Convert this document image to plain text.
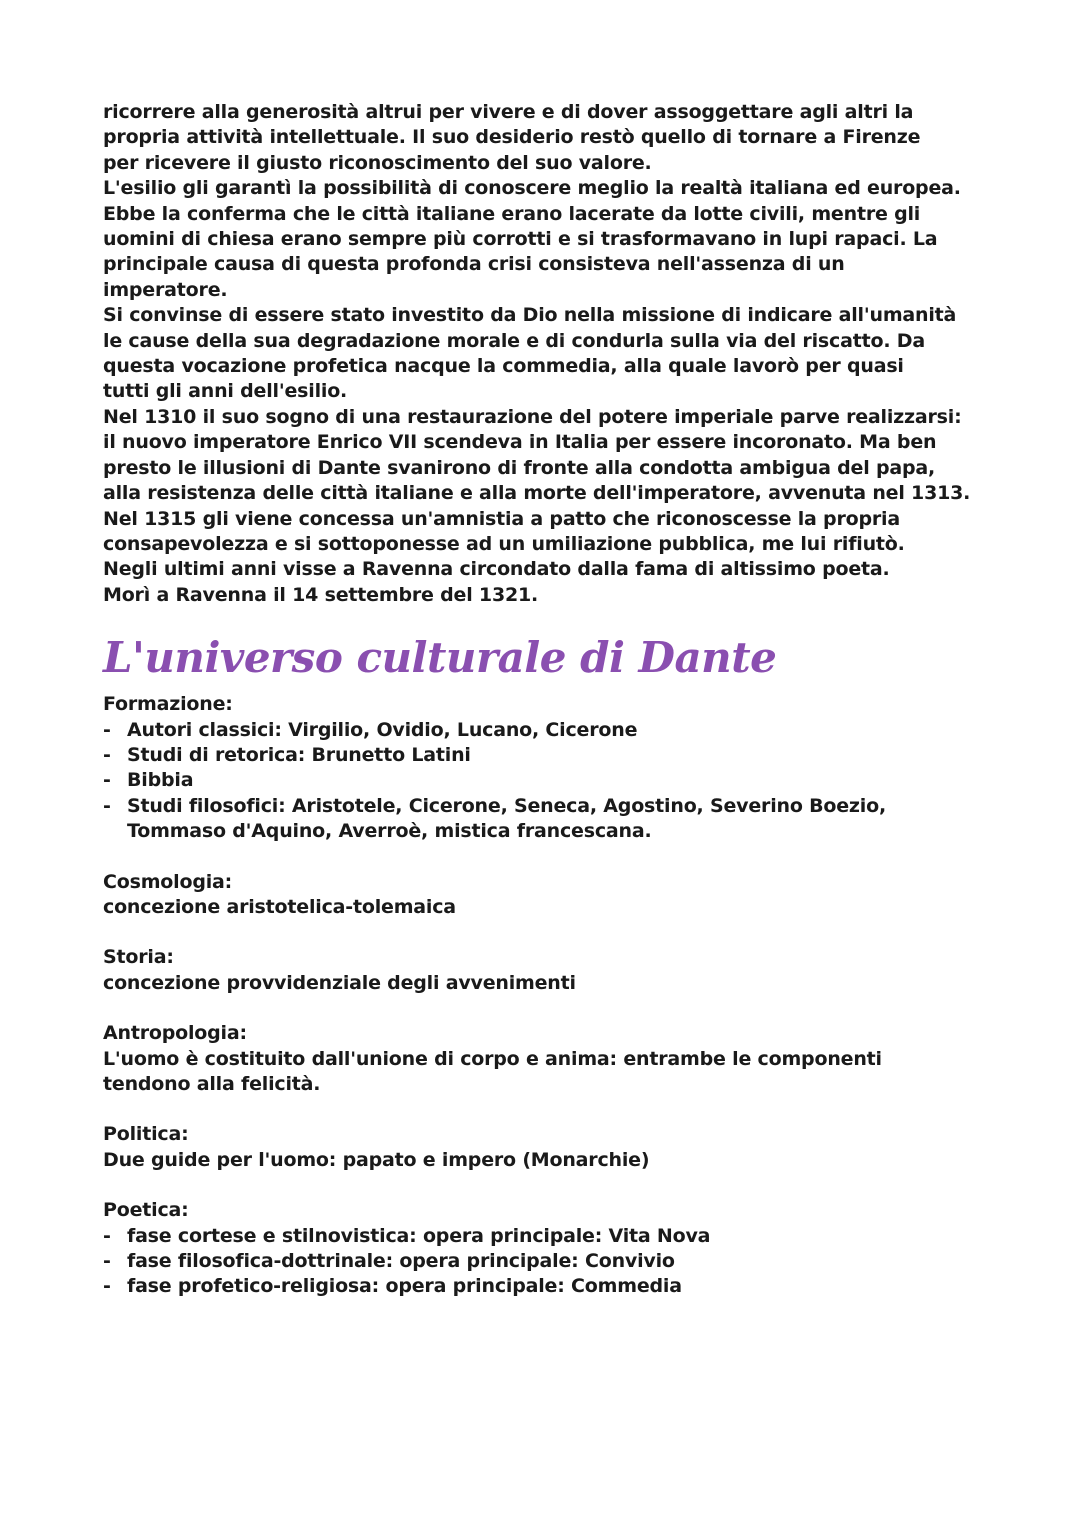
ricorrere alla generosità altrui per vivere e di dover assoggettare agli altri la
propria attività intellettuale. Il suo desiderio restò quello di tornare a Firenze
per ricevere il giusto riconoscimento del suo valore.
L'esilio gli garantì la possibilità di conoscere meglio la realtà italiana ed europea.
Ebbe la conferma che le città italiane erano lacerate da lotte civili, mentre gli
uomini di chiesa erano sempre più corrotti e si trasformavano in lupi rapaci. La
principale causa di questa profonda crisi consisteva nell'assenza di un
imperatore.
Si convinse di essere stato investito da Dio nella missione di indicare all'umanità
le cause della sua degradazione morale e di condurla sulla via del riscatto. Da
questa vocazione profetica nacque la commedia, alla quale lavorò per quasi
tutti gli anni dell'esilio.
Nel 1310 il suo sogno di una restaurazione del potere imperiale parve realizzarsi:
il nuovo imperatore Enrico VII scendeva in Italia per essere incoronato. Ma ben
presto le illusioni di Dante svanirono di fronte alla condotta ambigua del papa,
alla resistenza delle città italiane e alla morte dell'imperatore, avvenuta nel 1313.
Nel 1315 gli viene concessa un'amnistia a patto che riconoscesse la propria
consapevolezza e si sottoponesse ad un umiliazione pubblica, me lui rifiutò.
Negli ultimi anni visse a Ravenna circondato dalla fama di altissimo poeta.
Morì a Ravenna il 14 settembre del 1321.
L'universo culturale di Dante
Formazione:
- Autori classici: Virgilio, Ovidio, Lucano, Cicerone
- Studi di retorica: Brunetto Latini
- Bibbia
- Studi filosofici: Aristotele, Cicerone, Seneca, Agostino, Severino Boezio,
Tommaso d'Aquino, Averroè, mistica francescana.
Cosmologia:
concezione aristotelica-tolemaica
Storia:
concezione provvidenziale degli avvenimenti
Antropologia:
L'uomo è costituito dall'unione di corpo e anima: entrambe le componenti
tendono alla felicità.
Politica:
Due guide per l'uomo: papato e impero (Monarchie)
Poetica:
- fase cortese e stilnovistica: opera principale: Vita Nova
- fase filosofica-dottrinale: opera principale: Convivio
- fase profetico-religiosa: opera principale: Commedia
